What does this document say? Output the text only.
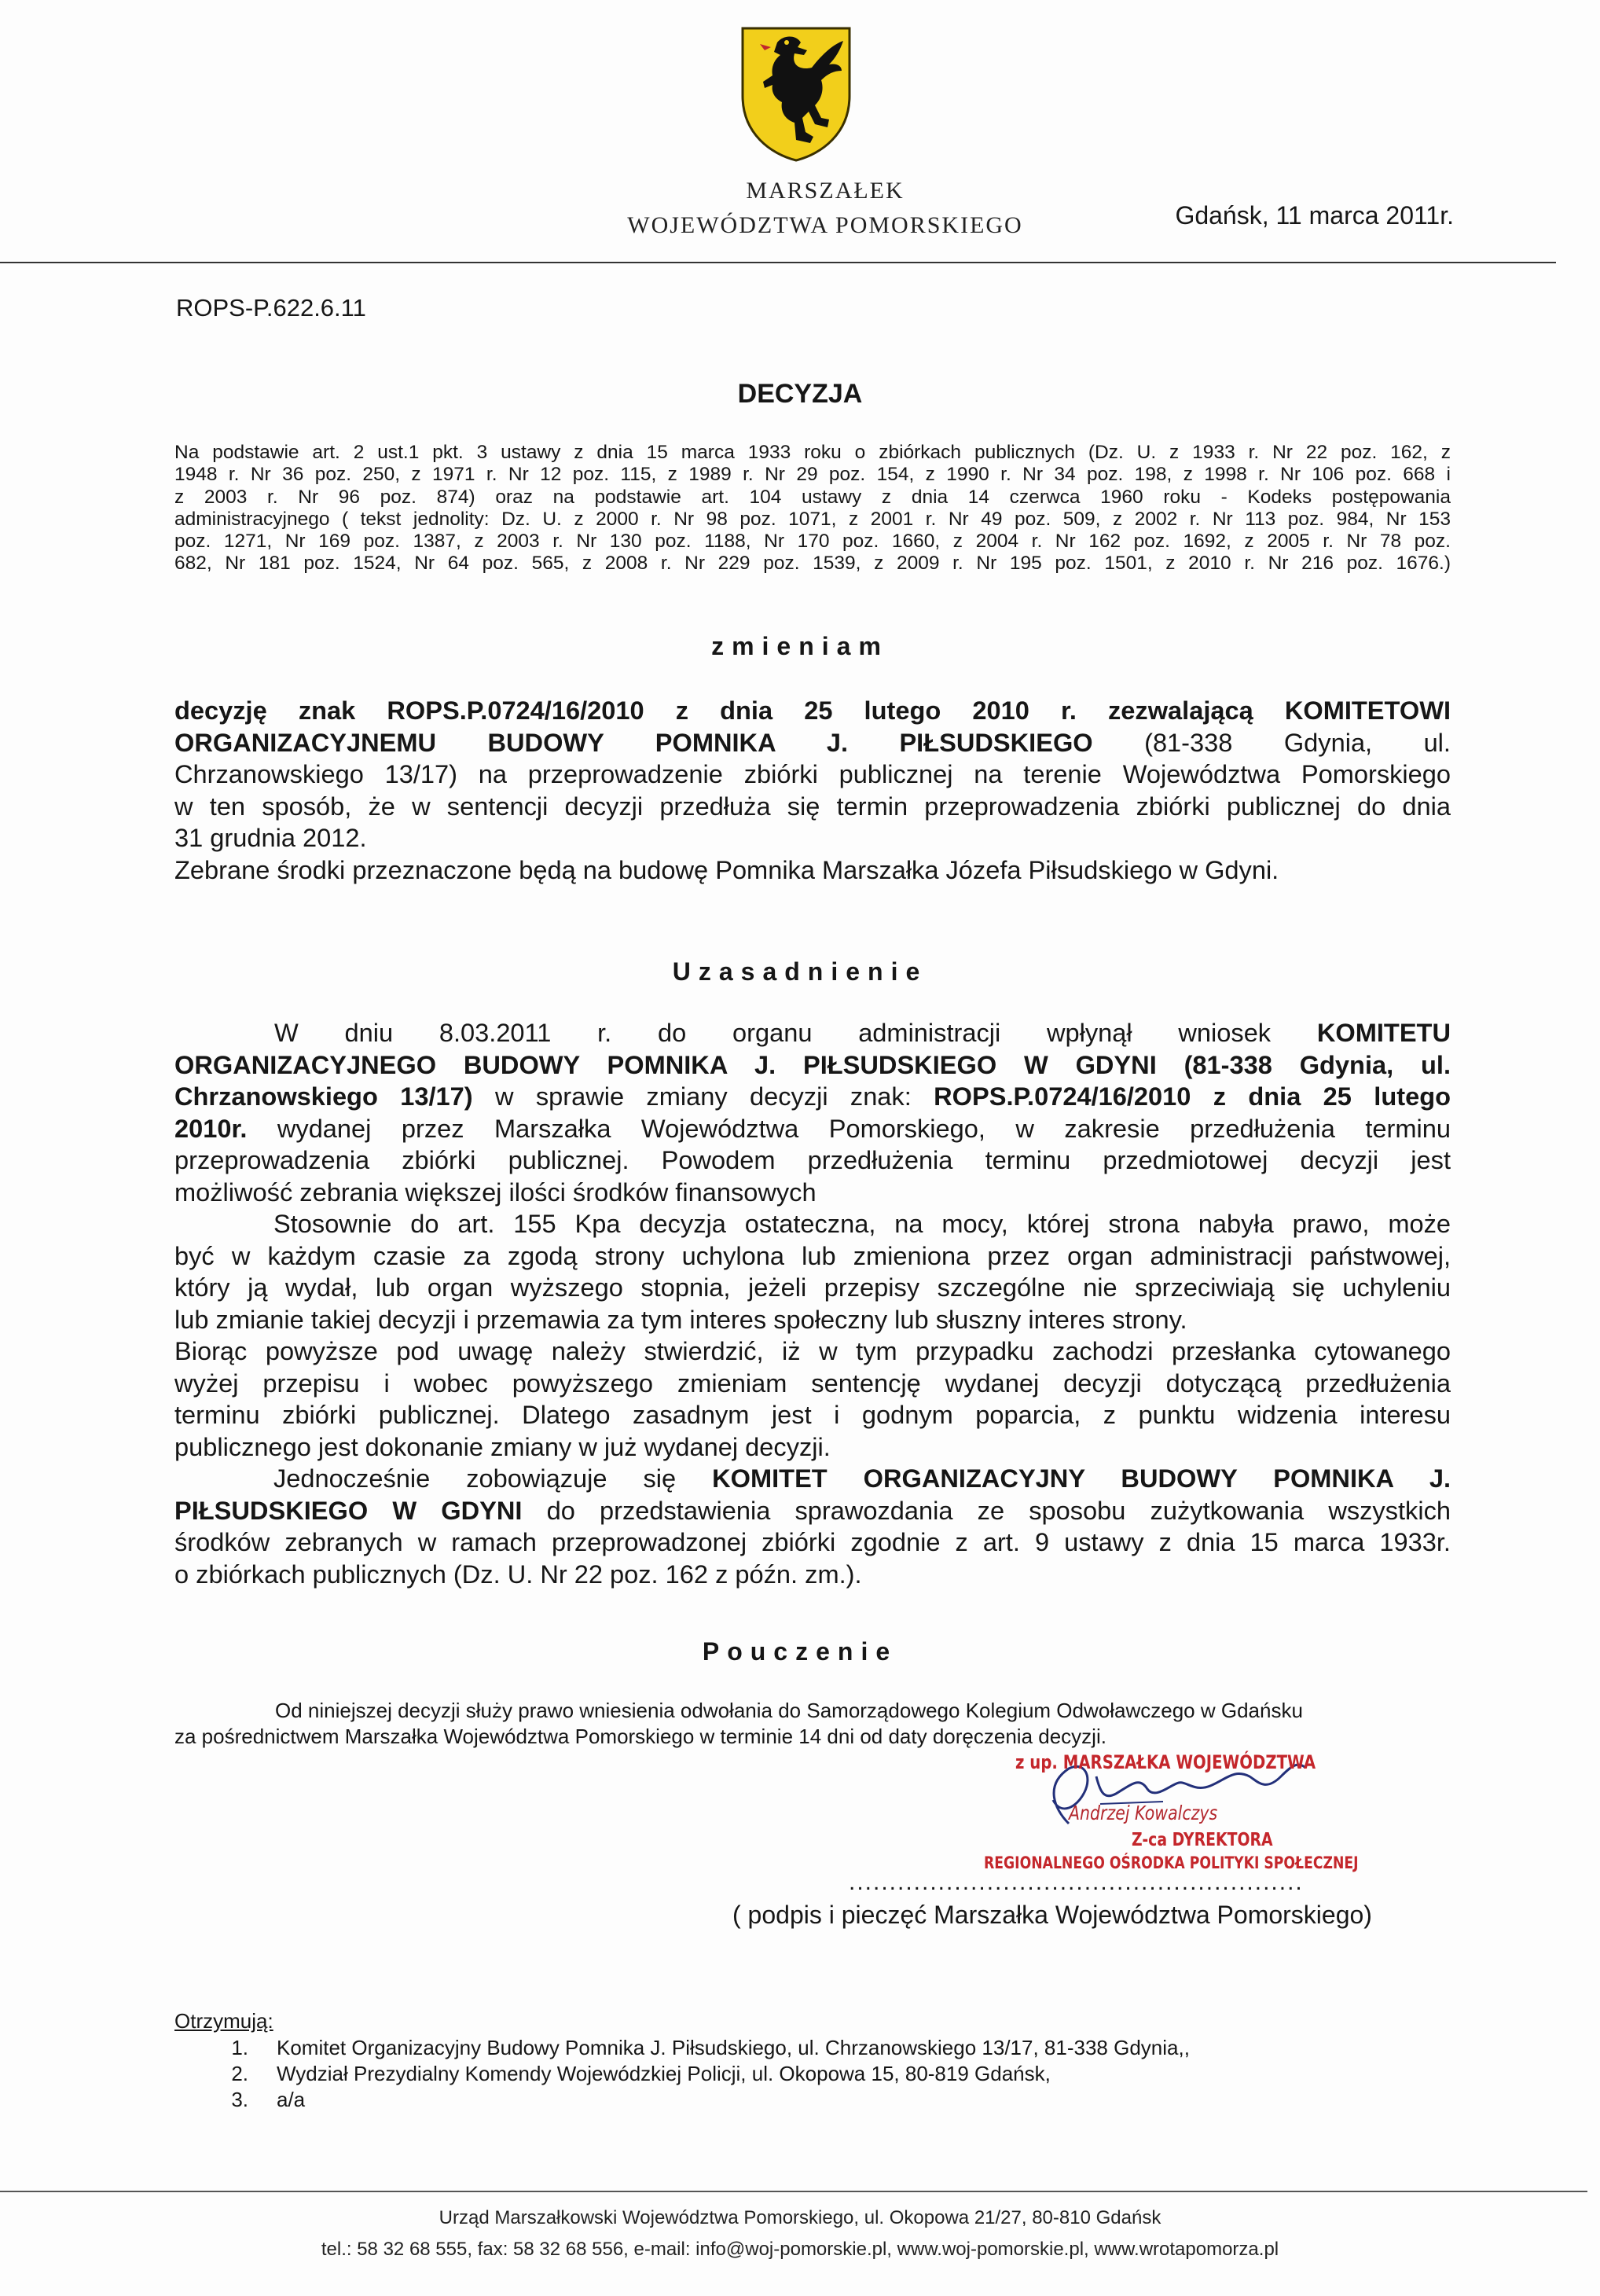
MARSZAŁEK
WOJEWÓDZTWA POMORSKIEGO	Gdańsk, 11 marca 2011r.
ROPS-P.622.6.11
DECYZJA
Na podstawie art. 2 ust.1 pkt. 3 ustawy z dnia 15 marca 1933 roku o zbiórkach publicznych (Dz. U. z 1933 r. Nr 22 poz. 162, z
1948 r. Nr 36 poz. 250, z 1971 r. Nr 12 poz. 115, z 1989 r. Nr 29 poz. 154, z 1990 r. Nr 34 poz. 198, z 1998 r. Nr 106 poz. 668 i
z 2003 r. Nr 96 poz. 874) oraz na podstawie art. 104 ustawy z dnia 14 czerwca 1960 roku - Kodeks postępowania
administracyjnego ( tekst jednolity: Dz. U. z 2000 r. Nr 98 poz. 1071, z 2001 r. Nr 49 poz. 509, z 2002 r. Nr 113 poz. 984, Nr 153
poz. 1271, Nr 169 poz. 1387, z 2003 r. Nr 130 poz. 1188, Nr 170 poz. 1660, z 2004 r. Nr 162 poz. 1692, z 2005 r. Nr 78 poz.
682, Nr 181 poz. 1524, Nr 64 poz. 565, z 2008 r. Nr 229 poz. 1539, z 2009 r. Nr 195 poz. 1501, z 2010 r. Nr 216 poz. 1676.)
zmieniam
decyzję znak ROPS.P.0724/16/2010 z dnia 25 lutego 2010 r. zezwalającą KOMITETOWI
ORGANIZACYJNEMU BUDOWY POMNIKA J. PIŁSUDSKIEGO (81-338 Gdynia, ul.
Chrzanowskiego 13/17) na przeprowadzenie zbiórki publicznej na terenie Województwa Pomorskiego
w ten sposób, że w sentencji decyzji przedłuża się termin przeprowadzenia zbiórki publicznej do dnia
31 grudnia 2012.
Zebrane środki przeznaczone będą na budowę Pomnika Marszałka Józefa Piłsudskiego w Gdyni.
Uzasadnienie
W dniu 8.03.2011 r. do organu administracji wpłynął wniosek KOMITETU
ORGANIZACYJNEGO BUDOWY POMNIKA J. PIŁSUDSKIEGO W GDYNI (81-338 Gdynia, ul.
Chrzanowskiego 13/17) w sprawie zmiany decyzji znak: ROPS.P.0724/16/2010 z dnia 25 lutego
2010r. wydanej przez Marszałka Województwa Pomorskiego, w zakresie przedłużenia terminu
przeprowadzenia zbiórki publicznej. Powodem przedłużenia terminu przedmiotowej decyzji jest
możliwość zebrania większej ilości środków finansowych
Stosownie do art. 155 Kpa decyzja ostateczna, na mocy, której strona nabyła prawo, może
być w każdym czasie za zgodą strony uchylona lub zmieniona przez organ administracji państwowej,
który ją wydał, lub organ wyższego stopnia, jeżeli przepisy szczególne nie sprzeciwiają się uchyleniu
lub zmianie takiej decyzji i przemawia za tym interes społeczny lub słuszny interes strony.
Biorąc powyższe pod uwagę należy stwierdzić, iż w tym przypadku zachodzi przesłanka cytowanego
wyżej przepisu i wobec powyższego zmieniam sentencję wydanej decyzji dotyczącą przedłużenia
terminu zbiórki publicznej. Dlatego zasadnym jest i godnym poparcia, z punktu widzenia interesu
publicznego jest dokonanie zmiany w już wydanej decyzji.
Jednocześnie zobowiązuje się KOMITET ORGANIZACYJNY BUDOWY POMNIKA J.
PIŁSUDSKIEGO W GDYNI do przedstawienia sprawozdania ze sposobu zużytkowania wszystkich
środków zebranych w ramach przeprowadzonej zbiórki zgodnie z art. 9 ustawy z dnia 15 marca 1933r.
o zbiórkach publicznych (Dz. U. Nr 22 poz. 162 z późn. zm.).
Pouczenie
Od niniejszej decyzji służy prawo wniesienia odwołania do Samorządowego Kolegium Odwoławczego w Gdańsku
za pośrednictwem Marszałka Województwa Pomorskiego w terminie 14 dni od daty doręczenia decyzji.
z up. MARSZAŁKA WOJEWÓDZTWA
Andrzej Kowalczys
Z-ca DYREKTORA
REGIONALNEGO OŚRODKA POLITYKI SPOŁECZNEJ
........................................................
( podpis i pieczęć Marszałka Województwa Pomorskiego)
Otrzymują:
1. Komitet Organizacyjny Budowy Pomnika J. Piłsudskiego, ul. Chrzanowskiego 13/17, 81-338 Gdynia,,
2. Wydział Prezydialny Komendy Wojewódzkiej Policji, ul. Okopowa 15, 80-819 Gdańsk,
3. a/a
Urząd Marszałkowski Województwa Pomorskiego, ul. Okopowa 21/27, 80-810 Gdańsk
tel.: 58 32 68 555, fax: 58 32 68 556, e-mail: info@woj-pomorskie.pl, www.woj-pomorskie.pl, www.wrotapomorza.pl
